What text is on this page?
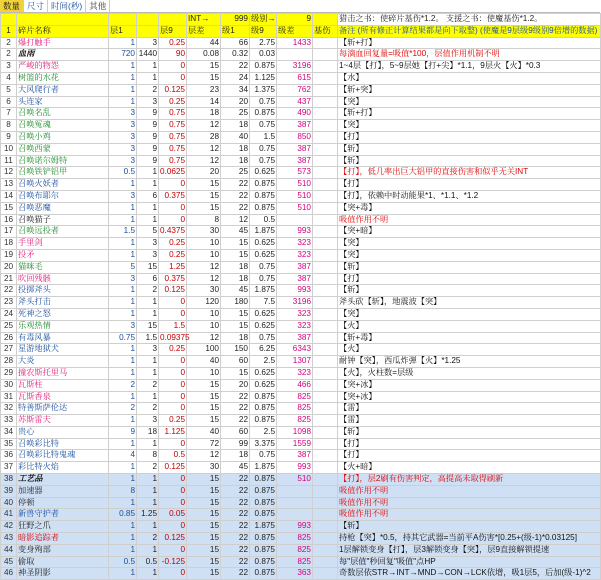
数量 尺寸 时间(秒) 其他
					INT→	999	级别→	9		猎击之书：使碎片基伤*1.2。 支援之书：使魔基伤*1.2。
1	碎片名称	层1		层9	层差	级1	级9	级差	基伤	备注 (所有修正计算结果都是向下取整) (使魔是9层级9级别9倍增的数据)
2	爆打触手	1	3	0.25	44	66	2.75	1433		【斩+打】
2	血雨	720	1440	90	0.08	0.32	0.03			每滴血回复量=吸值*100，层值作用机制不明
3	严峻的物怨	1	1	0	15	22	0.875	3196		1~4层【打】，5~9层她【打+尖】*1.1，9层火【火】*0.3
4	树篮的水花	1	1	0	15	24	1.125	615		【水】
5	大风爬行者	1	2	0.125	23	34	1.375	762		【斩+突】
6	头连家	1	3	0.25	14	20	0.75	437		【突】
7	召唤名乱	3	9	0.75	18	25	0.875	490		【斩+打】
8	召唤冤魂	3	9	0.75	12	18	0.75	387		【突】
9	召唤小鸡	3	9	0.75	28	40	1.5	850		【打】
10	召唤西蒙	3	9	0.75	12	18	0.75	387		【斩】
11	召唤诺尔姆特	3	9	0.75	12	18	0.75	387		【斩】
12	召唤铁铲铝甲	0.5	1	0.0625	20	25	0.625	573		【打】，低几率出巨大铝甲的直接伤害和似乎无关INT
13	召唤火妖者	1	1	0	15	22	0.875	510		【打】
14	召唤布耶尔	3	6	0.375	15	22	0.875	510		【打】，依赖中时动能果*1、*1.1、*1.2
15	召唤恶魔	1	1	0	15	22	0.875	510		【突+毒】
16	召唤猫子	1	1	0	8	12	0.5			吸值作用不明
17	召唤远投者	1.5	5	0.4375	30	45	1.875	993		【突+暗】
18	手里剑	1	3	0.25	10	15	0.625	323		【突】
19	投矛	1	3	0.25	10	15	0.625	323		【突】
20	猫咪毛	5	15	1.25	12	18	0.75	387		【斩】
21	吹回残骸	3	6	0.375	12	18	0.75	387		【打】
22	投掷斧头	1	2	0.125	30	45	1.875	993		【斩】
23	斧头打击	1	1	0	120	180	7.5	3196		斧头砍【斩】，地震波【突】
24	死神之怒	1	1	0	10	15	0.625	323		【突】
25	乐观热情	3	15	1.5	10	15	0.625	323		【火】
26	有毒风暴	0.75	1.5	0.09375	12	18	0.75	387		【斩+毒】
27	星游地狱犬	1	3	0.25	100	150	6.25	6343		【火】
28	大炎	1	1	0	40	60	2.5	1307		耐钟【突】，西瓜炸弹【火】*1.25
29	撞农斯托里马	1	1	0	10	15	0.625	323		【火】，火柱数=层级
30	瓦斯柱	2	2	0	15	20	0.625	466		【突+冰】
31	瓦斯香泉	1	1	0	15	22	0.875	825		【突+冰】
32	特善斯萨伦达	2	2	0	15	22	0.875	825		【雷】
33	苏斯雷夫	1	3	0.25	15	22	0.875	825		【雷】
34	贵心	9	18	1.125	40	60	2.5	1098		【斩】
35	召唤彩比特	1	1	0	72	99	3.375	1559		【打】
36	召唤彩比特鬼魂	4	8	0.5	12	18	0.75	387		【打】
37	彩比特火焰	1	2	0.125	30	45	1.875	993		【火+暗】
38	工艺品	1	1	0	15	22	0.875	510		【打】，层2刷有伤害判定，高提高未取得刷新
39	加速器	8	1	0	15	22	0.875			吸值作用不明
40	停顿	1	1	0	15	22	0.875			吸值作用不明
41	新兽守护者	0.85	1.25	0.05	15	22	0.875			吸值作用不明
42	狂野之爪	1	1	0	15	22	1.875	993		【斩】
43	暗影追踪者	1	2	0.125	15	22	0.875	825		持枪【突】*0.5，持其它武器=当前平A伤害*[0.25+(级-1)*0.03125]
44	变身殉部	1	1	0	15	22	0.875	825		1层解锁变身【打】，层3解锁变身【突】，层9直接解锁提速
45	偷取	0.5	0.5	-0.125	15	22	0.875	825		每"层值"秒回复"吸值"点HP
46	神圣阴影	1	1	0	15	22	0.875	363		奇数层依STR→INT→MND→CON→LCK依增，吸1层5，后加(级-1)^2
